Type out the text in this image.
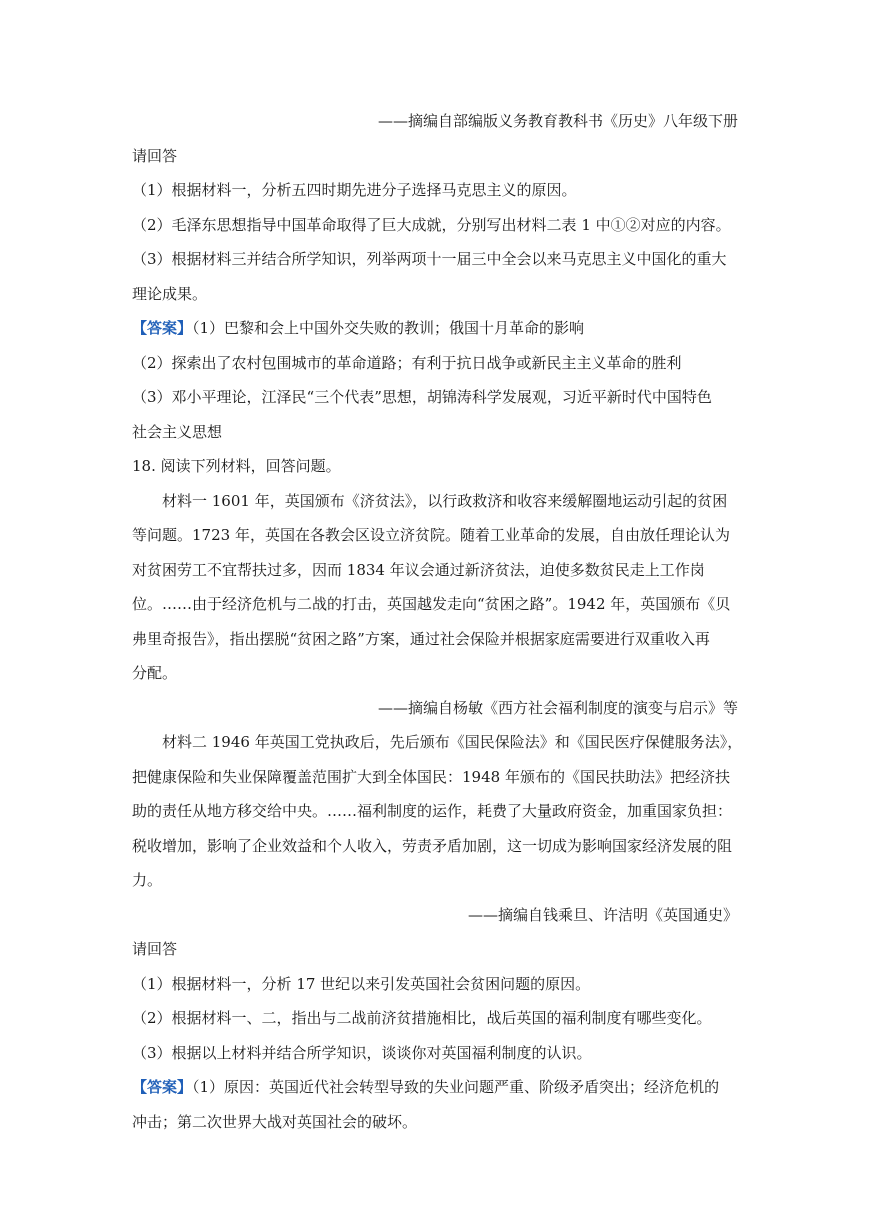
——摘编自部编版义务教育教科书《历史》八年级下册
请回答
（1）根据材料一，分析五四时期先进分子选择马克思主义的原因。
（2）毛泽东思想指导中国革命取得了巨大成就，分别写出材料二表 1 中①②对应的内容。
（3）根据材料三并结合所学知识，列举两项十一届三中全会以来马克思主义中国化的重大
理论成果。
【答案】（1）巴黎和会上中国外交失败的教训；俄国十月革命的影响
（2）探索出了农村包围城市的革命道路；有利于抗日战争或新民主主义革命的胜利
（3）邓小平理论，江泽民“三个代表”思想，胡锦涛科学发展观，习近平新时代中国特色
社会主义思想
18. 阅读下列材料，回答问题。
材料一 1601 年，英国颁布《济贫法》，以行政救济和收容来缓解圈地运动引起的贫困
等问题。1723 年，英国在各教会区设立济贫院。随着工业革命的发展，自由放任理论认为
对贫困劳工不宜帮扶过多，因而 1834 年议会通过新济贫法，迫使多数贫民走上工作岗
位。……由于经济危机与二战的打击，英国越发走向“贫困之路”。1942 年，英国颁布《贝
弗里奇报告》，指出摆脱“贫困之路”方案，通过社会保险并根据家庭需要进行双重收入再
分配。
——摘编自杨敏《西方社会福利制度的演变与启示》等
材料二 1946 年英国工党执政后，先后颁布《国民保险法》和《国民医疗保健服务法》，
把健康保险和失业保障覆盖范围扩大到全体国民：1948 年颁布的《国民扶助法》把经济扶
助的责任从地方移交给中央。……福利制度的运作，耗费了大量政府资金，加重国家负担：
税收增加，影响了企业效益和个人收入，劳责矛盾加剧，这一切成为影响国家经济发展的阻
力。
——摘编自钱乘旦、许洁明《英国通史》
请回答
（1）根据材料一，分析 17 世纪以来引发英国社会贫困问题的原因。
（2）根据材料一、二，指出与二战前济贫措施相比，战后英国的福利制度有哪些变化。
（3）根据以上材料并结合所学知识，谈谈你对英国福利制度的认识。
【答案】（1）原因：英国近代社会转型导致的失业问题严重、阶级矛盾突出；经济危机的
冲击；第二次世界大战对英国社会的破坏。
